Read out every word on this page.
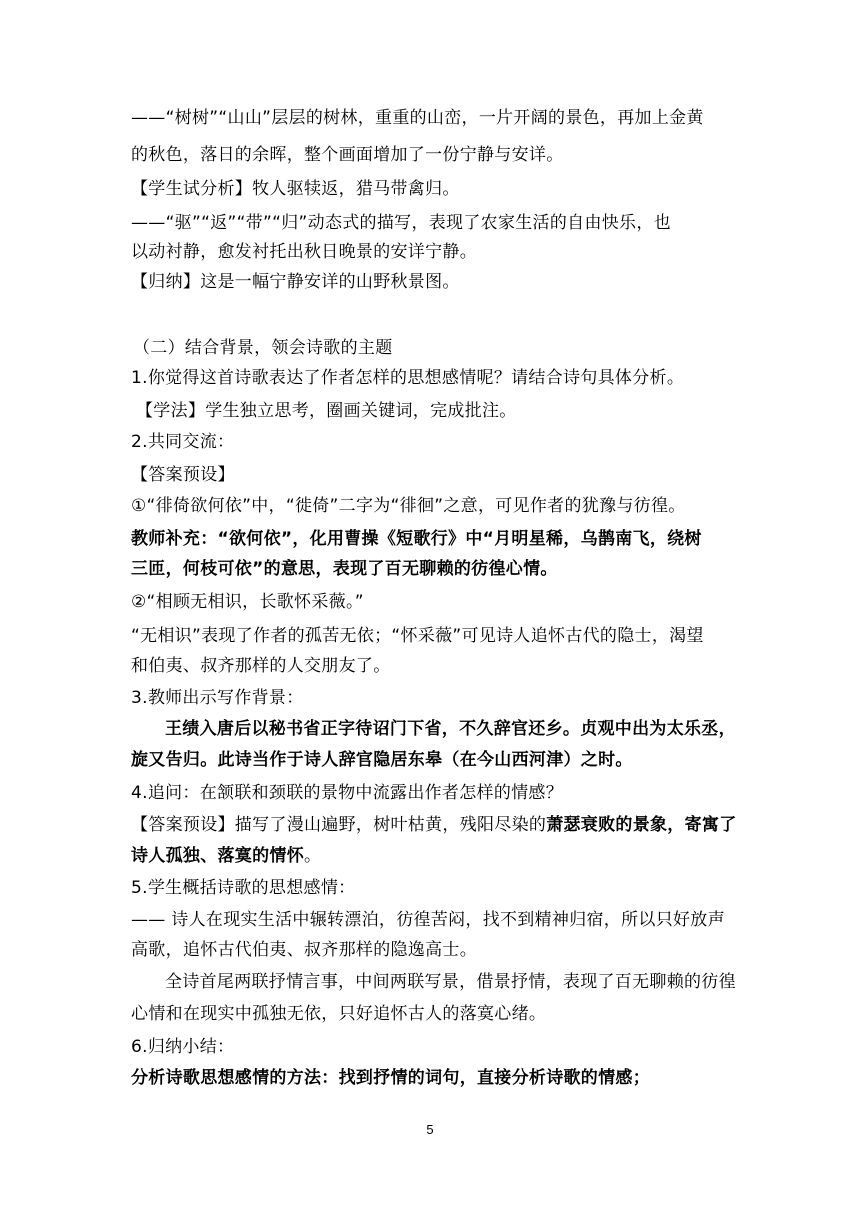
——“树树”“山山”层层的树林，重重的山峦，一片开阔的景色，再加上金黄
的秋色，落日的余晖，整个画面增加了一份宁静与安详。
【学生试分析】牧人驱犊返，猎马带禽归。
——“驱”“返”“带”“归”动态式的描写，表现了农家生活的自由快乐，也
以动衬静，愈发衬托出秋日晚景的安详宁静。
【归纳】这是一幅宁静安详的山野秋景图。
（二）结合背景，领会诗歌的主题
1.你觉得这首诗歌表达了作者怎样的思想感情呢？请结合诗句具体分析。
【学法】学生独立思考，圈画关键词，完成批注。
2.共同交流：
【答案预设】
①“徘倚欲何依”中，“徙倚”二字为“徘徊”之意，可见作者的犹豫与彷徨。
教师补充：“欲何依”，化用曹操《短歌行》中“月明星稀，乌鹊南飞，绕树
三匝，何枝可依”的意思，表现了百无聊赖的彷徨心情。
②“相顾无相识，长歌怀采薇。”
“无相识”表现了作者的孤苦无依；“怀采薇”可见诗人追怀古代的隐士，渴望
和伯夷、叔齐那样的人交朋友了。
3.教师出示写作背景：
王绩入唐后以秘书省正字待诏门下省，不久辞官还乡。贞观中出为太乐丞，
旋又告归。此诗当作于诗人辞官隐居东皋（在今山西河津）之时。
4.追问：在颔联和颈联的景物中流露出作者怎样的情感？
【答案预设】描写了漫山遍野，树叶枯黄，残阳尽染的萧瑟衰败的景象，寄寓了
诗人孤独、落寞的情怀。
5.学生概括诗歌的思想感情：
—— 诗人在现实生活中辗转漂泊，彷徨苦闷，找不到精神归宿，所以只好放声
高歌，追怀古代伯夷、叔齐那样的隐逸高士。
全诗首尾两联抒情言事，中间两联写景，借景抒情，表现了百无聊赖的彷徨
心情和在现实中孤独无依，只好追怀古人的落寞心绪。
6.归纳小结：
分析诗歌思想感情的方法：找到抒情的词句，直接分析诗歌的情感；
5
